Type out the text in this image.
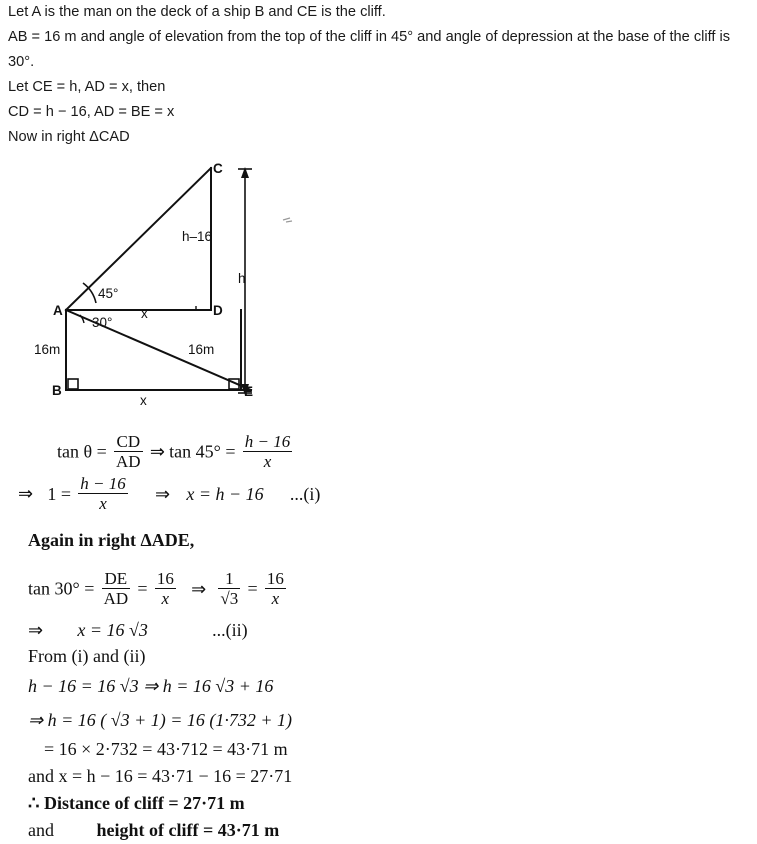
Let A is the man on the deck of a ship B and CE is the cliff.

AB = 16 m and angle of elevation from the top of the cliff in 45° and angle of depression at the base of the cliff is 30°.

Let CE = h, AD = x, then

CD = h − 16, AD = BE = x

Now in right ΔCAD

C
A
B
D
E
h–16
h
45°
30°
x
x
16m	16m
$\tan \theta = \frac{CD}{AD}$ ⇒ $\tan 45^\circ = \frac{h - 16}{x}$
⇒ $1 = \frac{h - 16}{x}$ ⇒ x = h − 16 ...(i)
Again in right ΔADE,
$\tan 30^\circ = \frac{DE}{AD} = \frac{16}{x}$ ⇒ $\frac{1}{√3} = \frac{16}{x}$
⇒ x = 16 √3	...(ii)
From (i) and (ii)
h − 16 = 16 √3 ⇒ h = 16 √3 + 16
⇒ h = 16 ( √3 + 1) = 16 (1·732 + 1)
= 16 × 2·732 = 43·712 = 43·71 m
and x = h − 16 = 43·71 − 16 = 27·71
∴ Distance of cliff = 27·71 m
and height of cliff = 43·71 m
